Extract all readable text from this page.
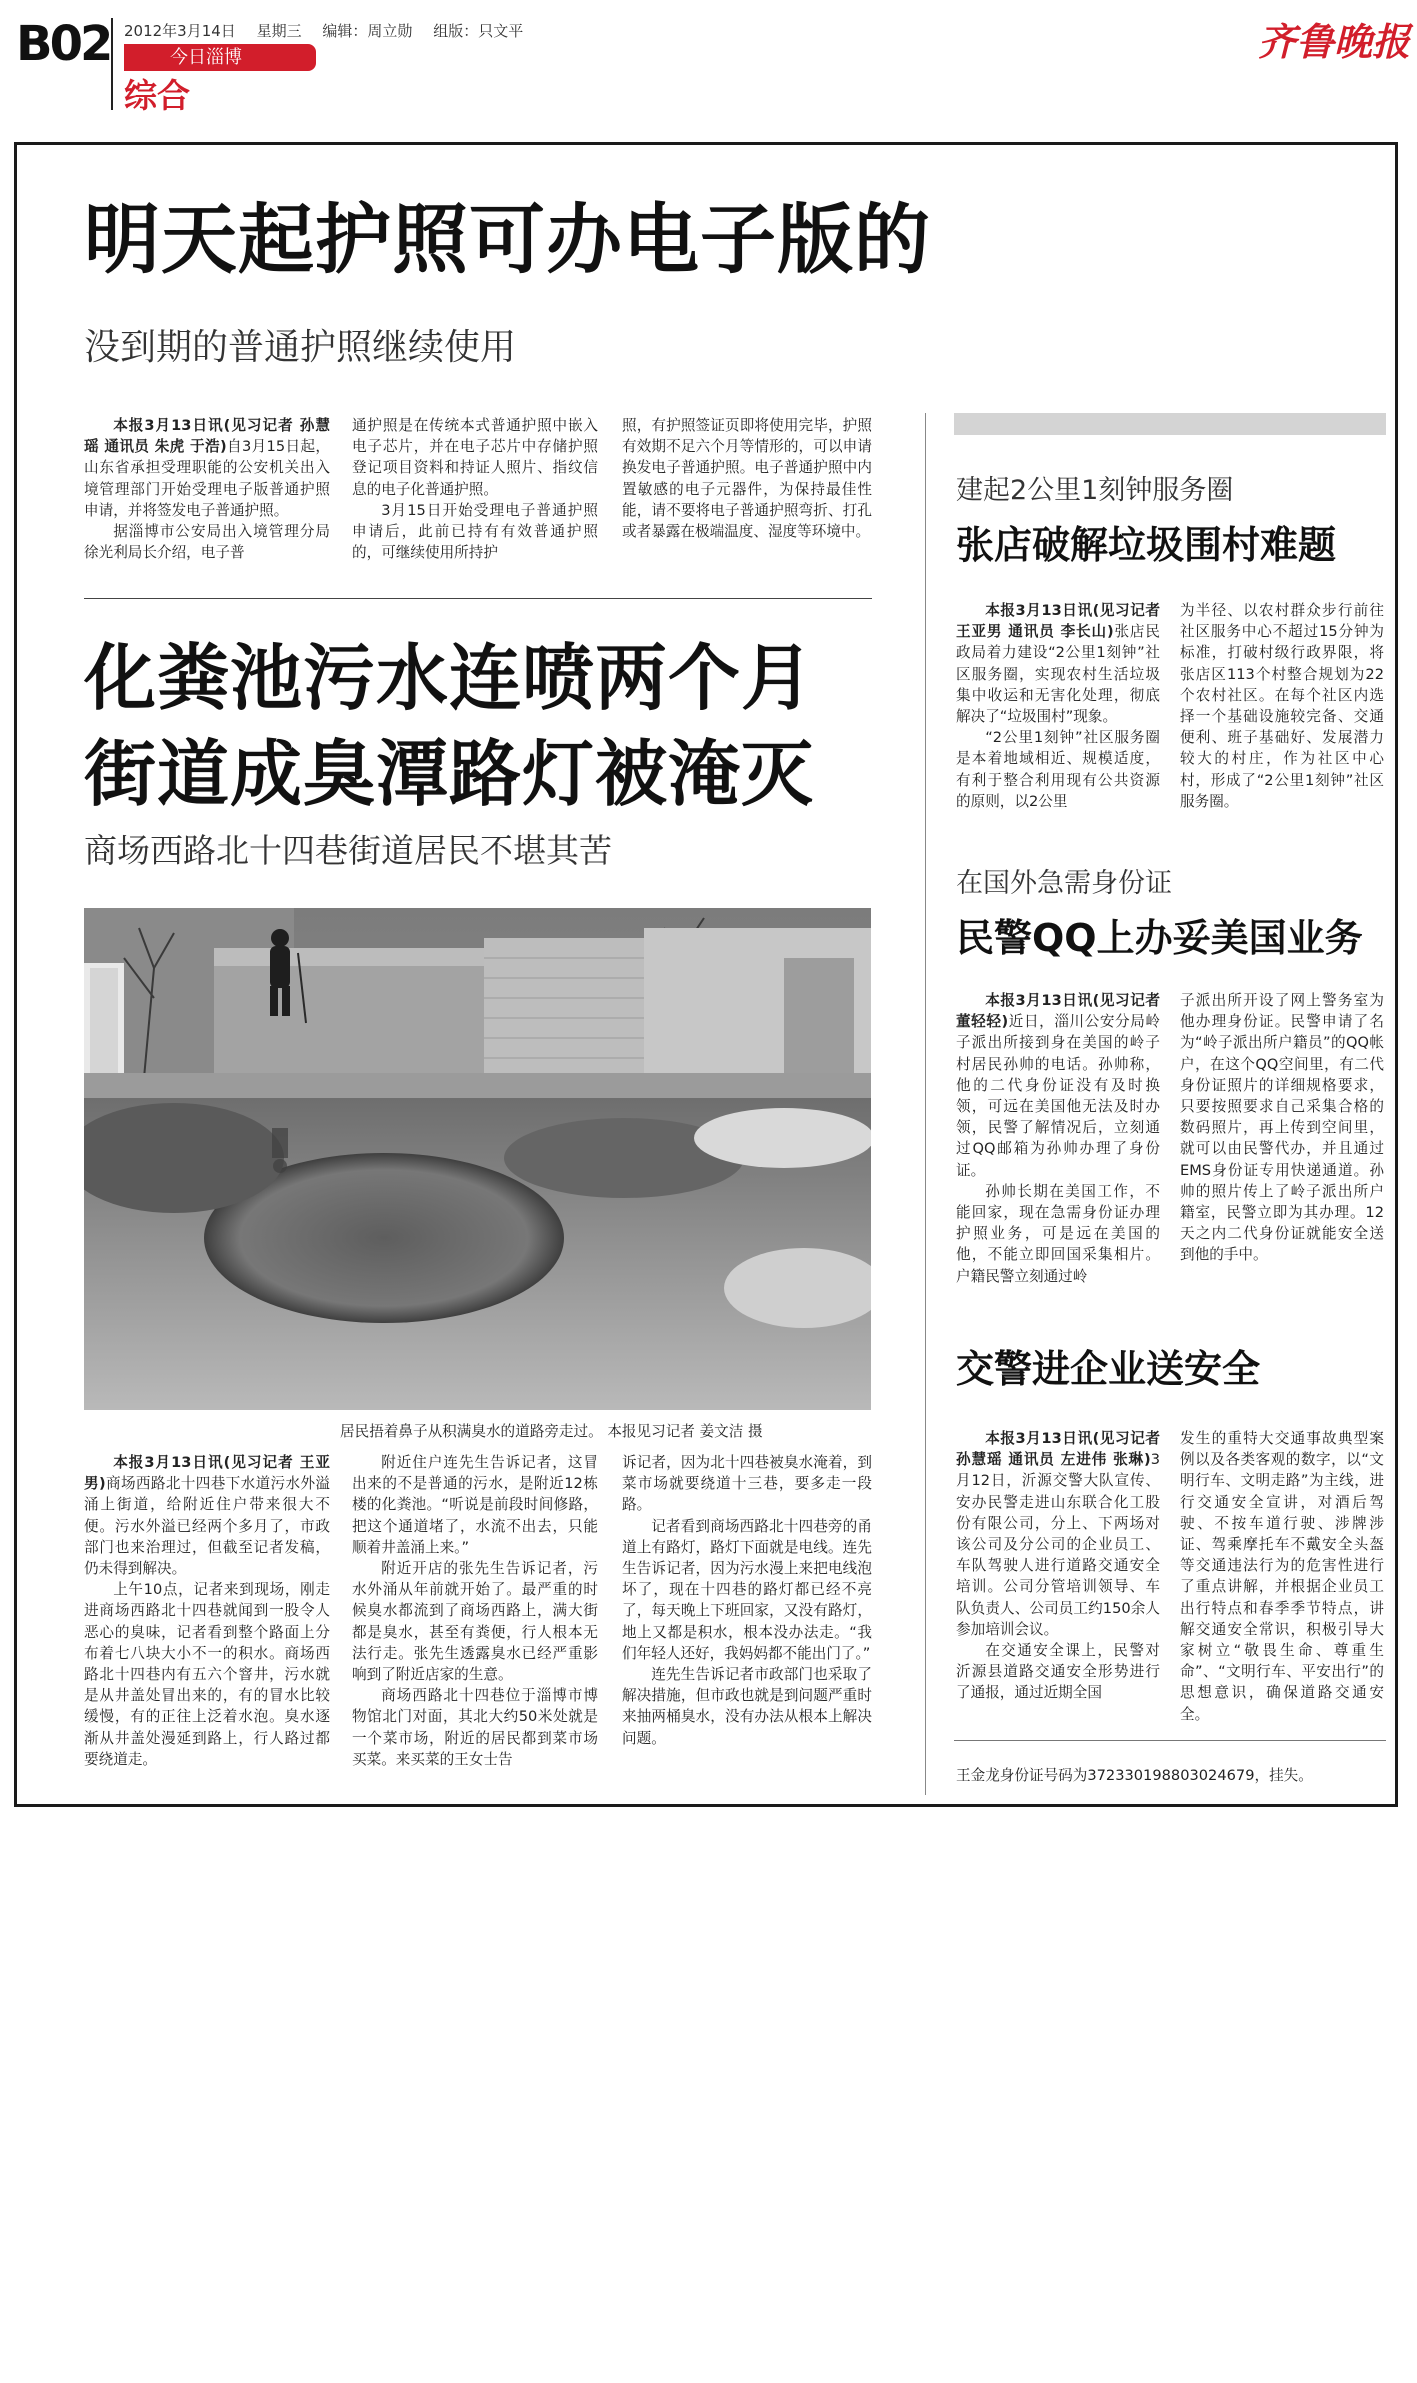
B02 2012年3月14日 星期三 编辑：周立勋 组版：只文平
今日淄博
综合
齐鲁晚报
明天起护照可办电子版的
没到期的普通护照继续使用

本报3月13日讯(见习记者 孙慧瑶 通讯员 朱虎 于浩)自3月15日起，山东省承担受理职能的公安机关出入境管理部门开始受理电子版普通护照申请，并将签发电子普通护照。

据淄博市公安局出入境管理分局徐光利局长介绍，电子普

通护照是在传统本式普通护照中嵌入电子芯片，并在电子芯片中存储护照登记项目资料和持证人照片、指纹信息的电子化普通护照。

3月15日开始受理电子普通护照申请后，此前已持有有效普通护照的，可继续使用所持护

照，有护照签证页即将使用完毕，护照有效期不足六个月等情形的，可以申请换发电子普通护照。电子普通护照中内置敏感的电子元器件，为保持最佳性能，请不要将电子普通护照弯折、打孔或者暴露在极端温度、湿度等环境中。

化粪池污水连喷两个月
街道成臭潭路灯被淹灭
商场西路北十四巷街道居民不堪其苦
居民捂着鼻子从积满臭水的道路旁走过。 本报见习记者 姜文洁 摄

本报3月13日讯(见习记者 王亚男)商场西路北十四巷下水道污水外溢涌上街道，给附近住户带来很大不便。污水外溢已经两个多月了，市政部门也来治理过，但截至记者发稿，仍未得到解决。

上午10点，记者来到现场，刚走进商场西路北十四巷就闻到一股令人恶心的臭味，记者看到整个路面上分布着七八块大小不一的积水。商场西路北十四巷内有五六个窨井，污水就是从井盖处冒出来的，有的冒水比较缓慢，有的正往上泛着水泡。臭水逐渐从井盖处漫延到路上，行人路过都要绕道走。

附近住户连先生告诉记者，这冒出来的不是普通的污水，是附近12栋楼的化粪池。“听说是前段时间修路，把这个通道堵了，水流不出去，只能顺着井盖涌上来。”

附近开店的张先生告诉记者，污水外涌从年前就开始了。最严重的时候臭水都流到了商场西路上，满大街都是臭水，甚至有粪便，行人根本无法行走。张先生透露臭水已经严重影响到了附近店家的生意。

商场西路北十四巷位于淄博市博物馆北门对面，其北大约50米处就是一个菜市场，附近的居民都到菜市场买菜。来买菜的王女士告

诉记者，因为北十四巷被臭水淹着，到菜市场就要绕道十三巷，要多走一段路。

记者看到商场西路北十四巷旁的甬道上有路灯，路灯下面就是电线。连先生告诉记者，因为污水漫上来把电线泡坏了，现在十四巷的路灯都已经不亮了，每天晚上下班回家，又没有路灯，地上又都是积水，根本没办法走。“我们年轻人还好，我妈妈都不能出门了。”

连先生告诉记者市政部门也采取了解决措施，但市政也就是到问题严重时来抽两桶臭水，没有办法从根本上解决问题。

建起2公里1刻钟服务圈
张店破解垃圾围村难题

本报3月13日讯(见习记者 王亚男 通讯员 李长山)张店民政局着力建设“2公里1刻钟”社区服务圈，实现农村生活垃圾集中收运和无害化处理，彻底解决了“垃圾围村”现象。

“2公里1刻钟”社区服务圈是本着地域相近、规模适度，有利于整合利用现有公共资源的原则，以2公里

为半径、以农村群众步行前往社区服务中心不超过15分钟为标准，打破村级行政界限，将张店区113个村整合规划为22个农村社区。在每个社区内选择一个基础设施较完备、交通便利、班子基础好、发展潜力较大的村庄，作为社区中心村，形成了“2公里1刻钟”社区服务圈。

在国外急需身份证
民警QQ上办妥美国业务

本报3月13日讯(见习记者 董轻轻)近日，淄川公安分局岭子派出所接到身在美国的岭子村居民孙帅的电话。孙帅称，他的二代身份证没有及时换领，可远在美国他无法及时办领，民警了解情况后，立刻通过QQ邮箱为孙帅办理了身份证。

孙帅长期在美国工作，不能回家，现在急需身份证办理护照业务，可是远在美国的他，不能立即回国采集相片。户籍民警立刻通过岭

子派出所开设了网上警务室为他办理身份证。民警申请了名为“岭子派出所户籍员”的QQ帐户，在这个QQ空间里，有二代身份证照片的详细规格要求，只要按照要求自己采集合格的数码照片，再上传到空间里，就可以由民警代办，并且通过EMS身份证专用快递通道。孙帅的照片传上了岭子派出所户籍室，民警立即为其办理。12天之内二代身份证就能安全送到他的手中。

交警进企业送安全

本报3月13日讯(见习记者 孙慧瑶 通讯员 左进伟 张琳)3月12日，沂源交警大队宣传、安办民警走进山东联合化工股份有限公司，分上、下两场对该公司及分公司的企业员工、车队驾驶人进行道路交通安全培训。公司分管培训领导、车队负责人、公司员工约150余人参加培训会议。

在交通安全课上，民警对沂源县道路交通安全形势进行了通报，通过近期全国

发生的重特大交通事故典型案例以及各类客观的数字，以“文明行车、文明走路”为主线，进行交通安全宣讲，对酒后驾驶、不按车道行驶、涉牌涉证、驾乘摩托车不戴安全头盔等交通违法行为的危害性进行了重点讲解，并根据企业员工出行特点和春季季节特点，讲解交通安全常识，积极引导大家树立“敬畏生命、尊重生命”、“文明行车、平安出行”的思想意识，确保道路交通安全。

王金龙身份证号码为372330198803024679，挂失。
